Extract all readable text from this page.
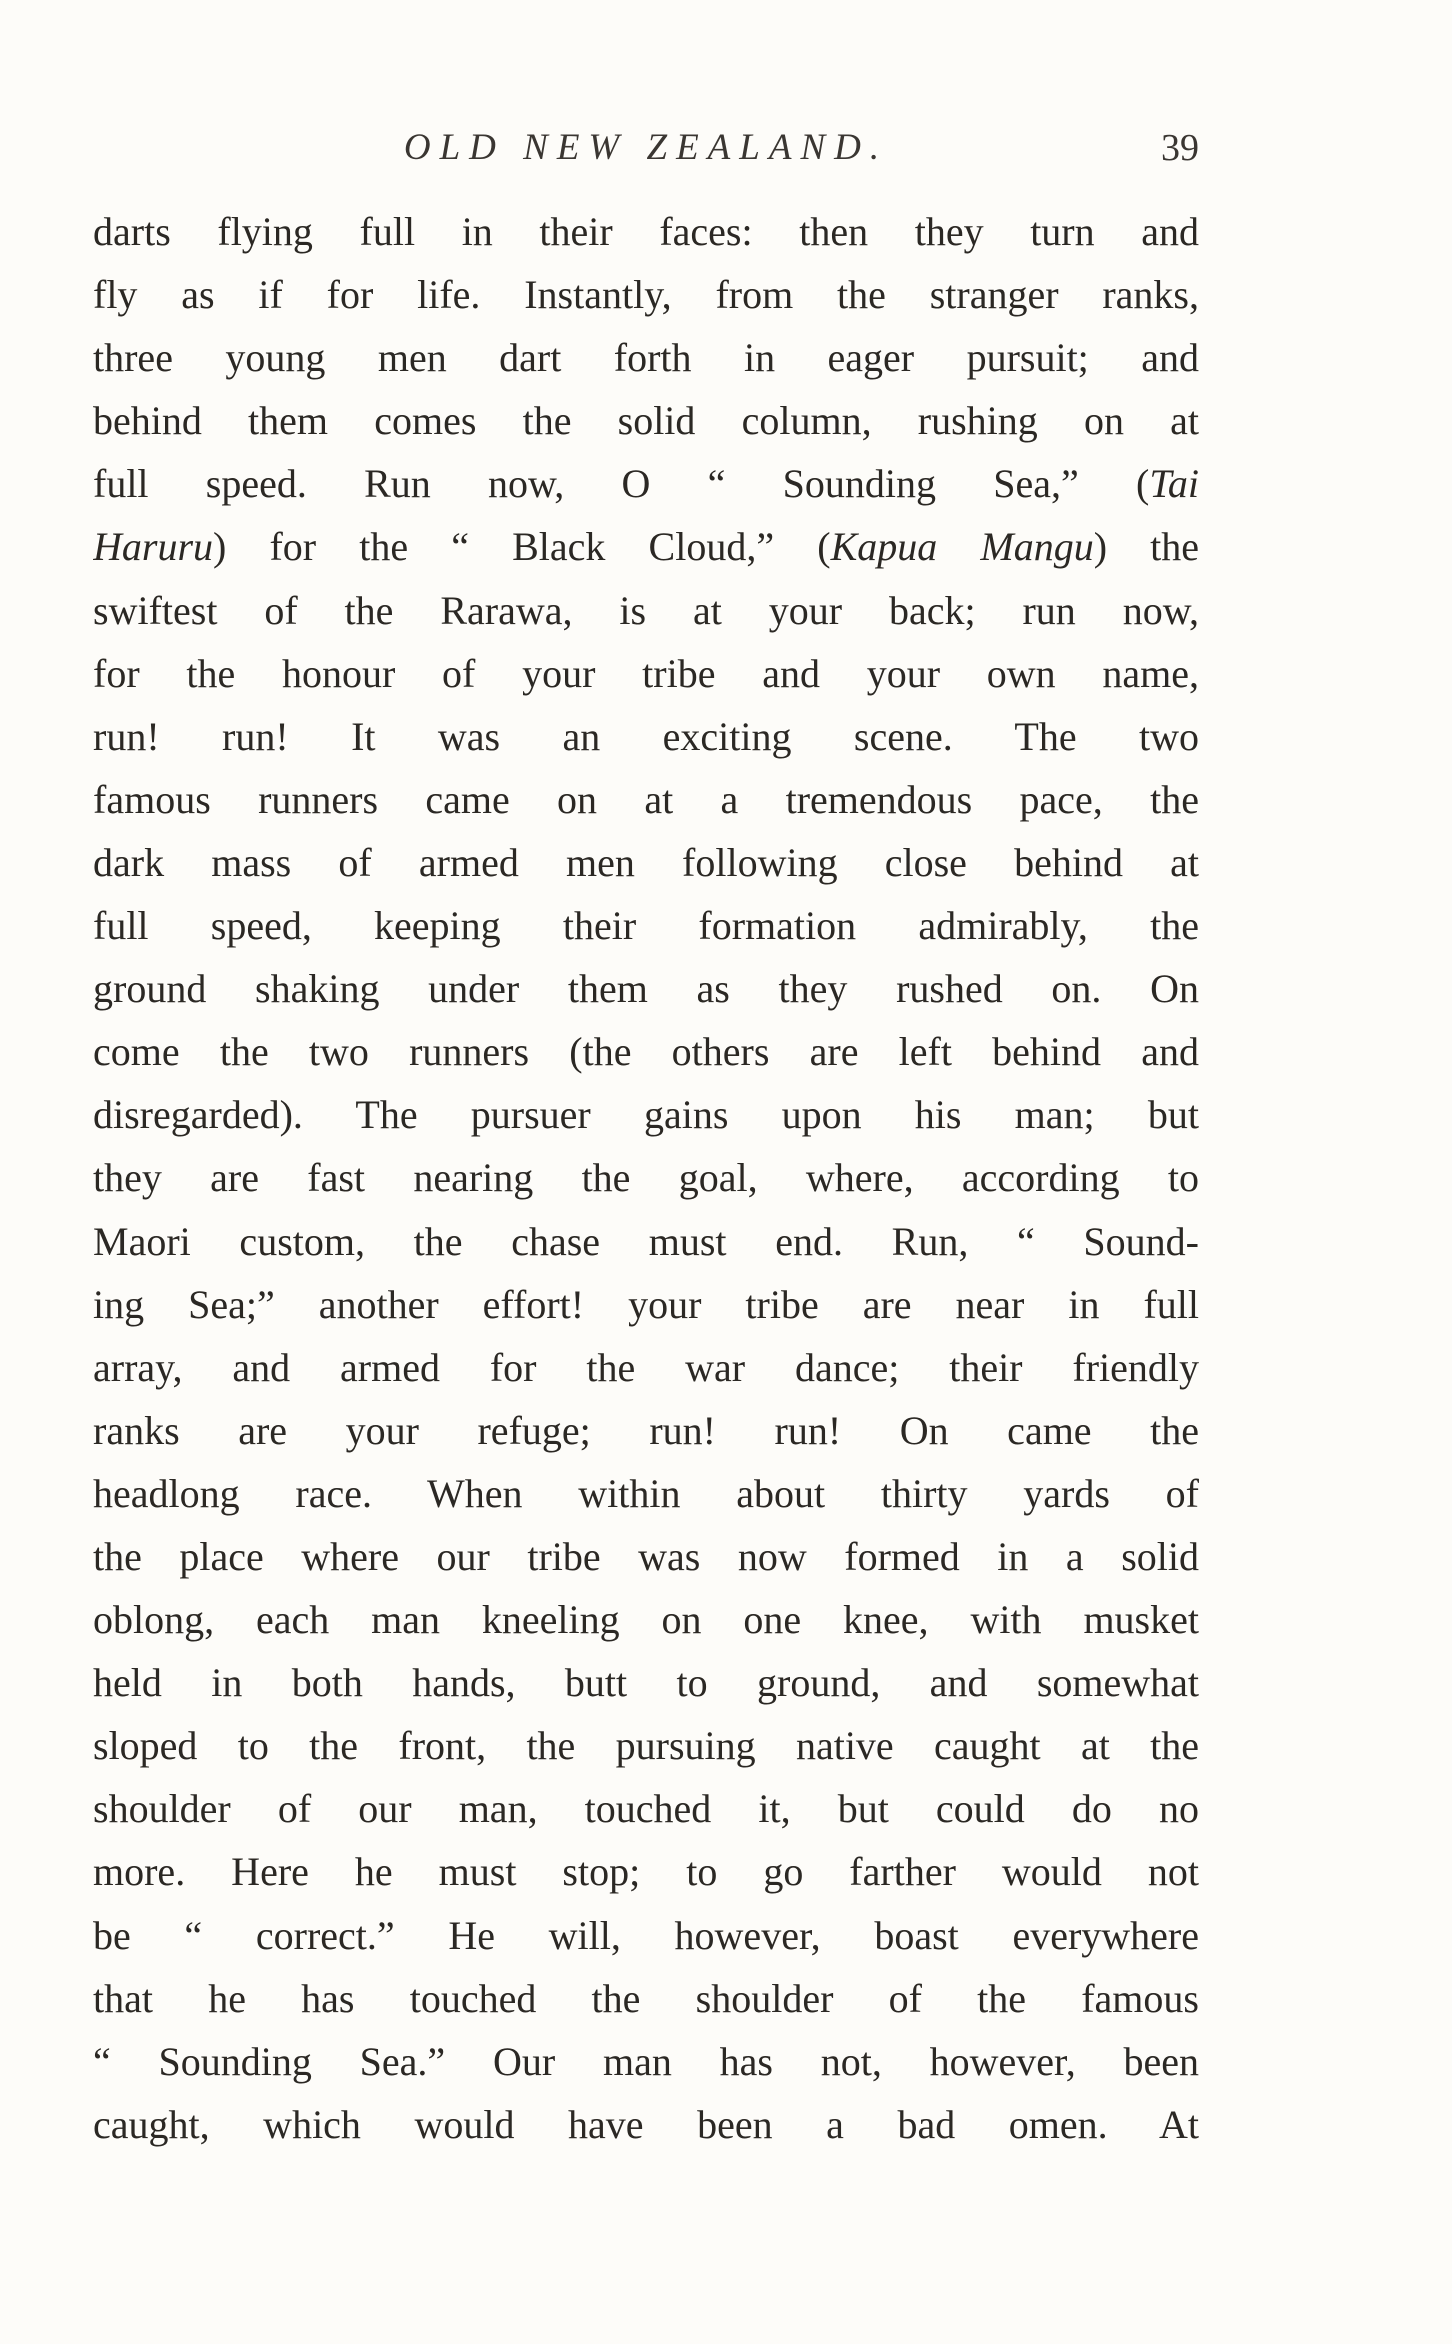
OLD NEW ZEALAND.	39
darts flying full in their faces: then they turn and
fly as if for life. Instantly, from the stranger ranks,
three young men dart forth in eager pursuit; and
behind them comes the solid column, rushing on at
full speed. Run now, O “ Sounding Sea,” (Tai
Haruru) for the “ Black Cloud,” (Kapua Mangu) the
swiftest of the Rarawa, is at your back; run now,
for the honour of your tribe and your own name,
run! run! It was an exciting scene. The two
famous runners came on at a tremendous pace, the
dark mass of armed men following close behind at
full speed, keeping their formation admirably, the
ground shaking under them as they rushed on. On
come the two runners (the others are left behind and
disregarded). The pursuer gains upon his man; but
they are fast nearing the goal, where, according to
Maori custom, the chase must end. Run, “ Sound-
ing Sea;” another effort! your tribe are near in full
array, and armed for the war dance; their friendly
ranks are your refuge; run! run! On came the
headlong race. When within about thirty yards of
the place where our tribe was now formed in a solid
oblong, each man kneeling on one knee, with musket
held in both hands, butt to ground, and somewhat
sloped to the front, the pursuing native caught at the
shoulder of our man, touched it, but could do no
more. Here he must stop; to go farther would not
be “ correct.” He will, however, boast everywhere
that he has touched the shoulder of the famous
“ Sounding Sea.” Our man has not, however, been
caught, which would have been a bad omen. At
